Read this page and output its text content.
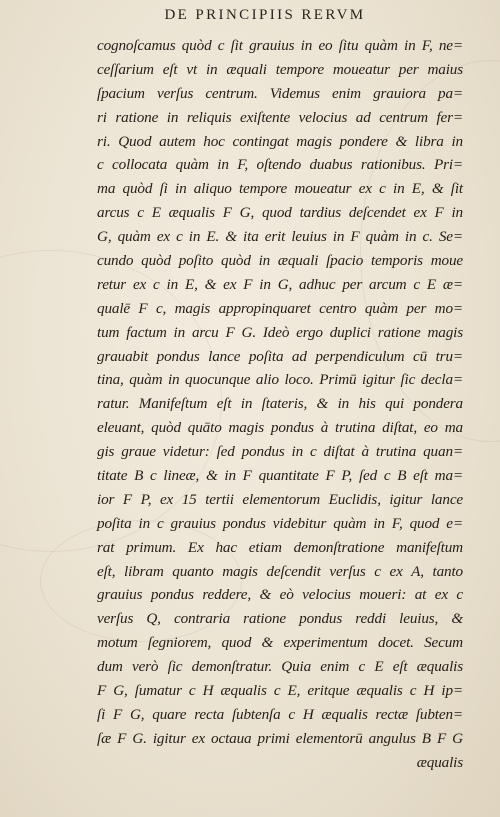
DE PRINCIPIIS RERVM
cognoſcamus quòd c ſit grauius in eo ſitu quàm in F, ne=
ceſſarium eſt vt in æquali tempore moueatur per maius
ſpacium verſus centrum. Videmus enim grauiora pa=
ri ratione in reliquis exiſtente velocius ad centrum fer=
ri. Quod autem hoc contingat magis pondere & libra in
c collocata quàm in F, oſtendo duabus rationibus. Pri=
ma quòd ſi in aliquo tempore moueatur ex c in E, & ſit
arcus c E æqualis F G, quod tardius deſcendet ex F in
G, quàm ex c in E. & ita erit leuius in F quàm in c. Se=
cundo quòd poſito quòd in æquali ſpacio temporis moue
retur ex c in E, & ex F in G, adhuc per arcum c E æ=
qualē F c, magis appropinquaret centro quàm per mo=
tum factum in arcu F G. Ideò ergo duplici ratione magis
grauabit pondus lance poſita ad perpendiculum cū tru=
tina, quàm in quocunque alio loco. Primū igitur ſic decla=
ratur. Manifeſtum eſt in ſtateris, & in his qui pondera
eleuant, quòd quāto magis pondus à trutina diſtat, eo ma
gis graue videtur: ſed pondus in c diſtat à trutina quan=
titate B c lineæ, & in F quantitate F P, ſed c B eſt ma=
ior F P, ex 15 tertii elementorum Euclidis, igitur lance
poſita in c grauius pondus videbitur quàm in F, quod e=
rat primum. Ex hac etiam demonſtratione manifeſtum
eſt, libram quanto magis deſcendit verſus c ex A, tanto
grauius pondus reddere, & eò velocius moueri: at ex c
verſus Q, contraria ratione pondus reddi leuius, &
motum ſegniorem, quod & experimentum docet. Secum
dum verò ſic demonſtratur. Quia enim c E eſt æqualis
F G, ſumatur c H æqualis c E, eritque æqualis c H ip=
ſi F G, quare recta ſubtenſa c H æqualis rectæ ſubten=
ſæ F G. igitur ex octaua primi elementorū angulus B F G
æqualis
